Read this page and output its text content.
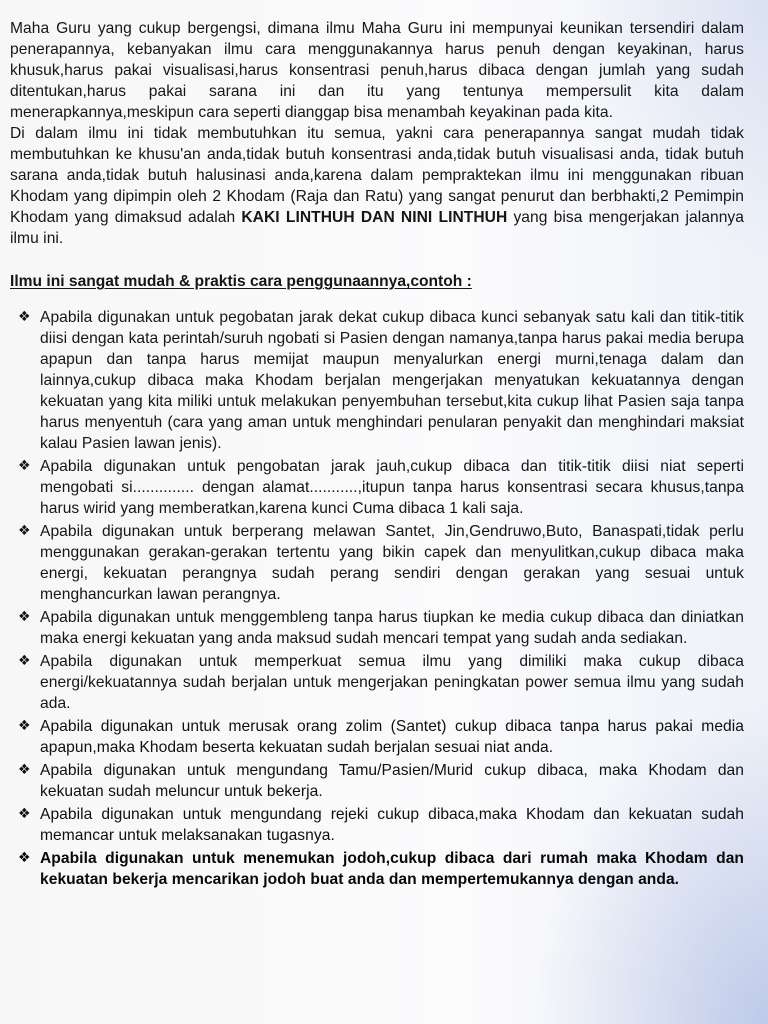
Maha Guru yang cukup bergengsi, dimana ilmu Maha Guru ini mempunyai keunikan tersendiri dalam penerapannya, kebanyakan ilmu cara menggunakannya harus penuh dengan keyakinan, harus khusuk,harus pakai visualisasi,harus konsentrasi penuh,harus dibaca dengan jumlah yang sudah ditentukan,harus pakai sarana ini dan itu yang tentunya mempersulit kita dalam menerapkannya,meskipun cara seperti dianggap bisa menambah keyakinan pada kita.

Di dalam ilmu ini tidak membutuhkan itu semua, yakni cara penerapannya sangat mudah tidak membutuhkan ke khusu'an anda,tidak butuh konsentrasi anda,tidak butuh visualisasi anda, tidak butuh sarana anda,tidak butuh halusinasi anda,karena dalam pempraktekan ilmu ini menggunakan ribuan Khodam yang dipimpin oleh 2 Khodam (Raja dan Ratu) yang sangat penurut dan berbhakti,2 Pemimpin Khodam yang dimaksud adalah KAKI LINTHUH DAN NINI LINTHUH yang bisa mengerjakan jalannya ilmu ini.

Ilmu ini sangat mudah & praktis cara penggunaannya,contoh :
❖ Apabila digunakan untuk pegobatan jarak dekat cukup dibaca kunci sebanyak satu kali dan titik-titik diisi dengan kata perintah/suruh ngobati si Pasien dengan namanya,tanpa harus pakai media berupa apapun dan tanpa harus memijat maupun menyalurkan energi murni,tenaga dalam dan lainnya,cukup dibaca maka Khodam berjalan mengerjakan menyatukan kekuatannya dengan kekuatan yang kita miliki untuk melakukan penyembuhan tersebut,kita cukup lihat Pasien saja tanpa harus menyentuh (cara yang aman untuk menghindari penularan penyakit dan menghindari maksiat kalau Pasien lawan jenis).
❖ Apabila digunakan untuk pengobatan jarak jauh,cukup dibaca dan titik-titik diisi niat seperti mengobati si.............. dengan alamat...........,itupun tanpa harus konsentrasi secara khusus,tanpa harus wirid yang memberatkan,karena kunci Cuma dibaca 1 kali saja.
❖ Apabila digunakan untuk berperang melawan Santet, Jin,Gendruwo,Buto, Banaspati,tidak perlu menggunakan gerakan-gerakan tertentu yang bikin capek dan menyulitkan,cukup dibaca maka energi, kekuatan perangnya sudah perang sendiri dengan gerakan yang sesuai untuk menghancurkan lawan perangnya.
❖ Apabila digunakan untuk menggembleng tanpa harus tiupkan ke media cukup dibaca dan diniatkan maka energi kekuatan yang anda maksud sudah mencari tempat yang sudah anda sediakan.
❖ Apabila digunakan untuk memperkuat semua ilmu yang dimiliki maka cukup dibaca energi/kekuatannya sudah berjalan untuk mengerjakan peningkatan power semua ilmu yang sudah ada.
❖ Apabila digunakan untuk merusak orang zolim (Santet) cukup dibaca tanpa harus pakai media apapun,maka Khodam beserta kekuatan sudah berjalan sesuai niat anda.
❖ Apabila digunakan untuk mengundang Tamu/Pasien/Murid cukup dibaca, maka Khodam dan kekuatan sudah meluncur untuk bekerja.
❖ Apabila digunakan untuk mengundang rejeki cukup dibaca,maka Khodam dan kekuatan sudah memancar untuk melaksanakan tugasnya.
❖ Apabila digunakan untuk menemukan jodoh,cukup dibaca dari rumah maka Khodam dan kekuatan bekerja mencarikan jodoh buat anda dan mempertemukannya dengan anda.
